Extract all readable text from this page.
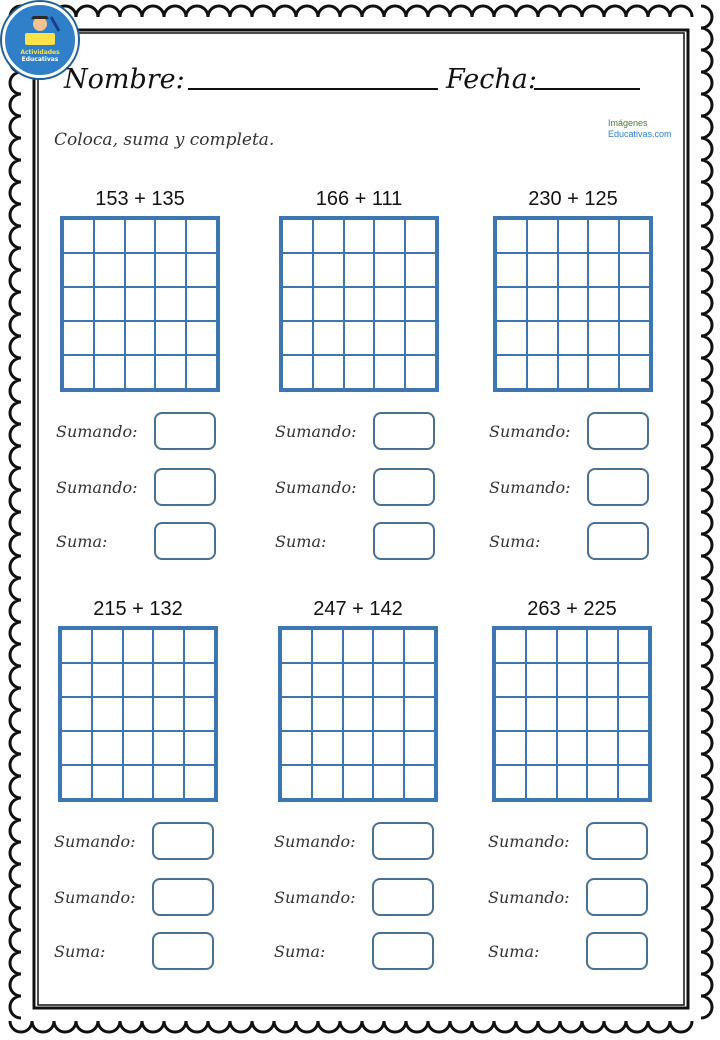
Actividades
Educativas
Nombre:	Fecha:
Imágenes
Educativas.com
Coloca, suma y completa.
153 + 135
Sumando:
Sumando:
Suma:
166 + 111
Sumando:
Sumando:
Suma:
230 + 125
Sumando:
Sumando:
Suma:
215 + 132
Sumando:
Sumando:
Suma:
247 + 142
Sumando:
Sumando:
Suma:
263 + 225
Sumando:
Sumando:
Suma:
